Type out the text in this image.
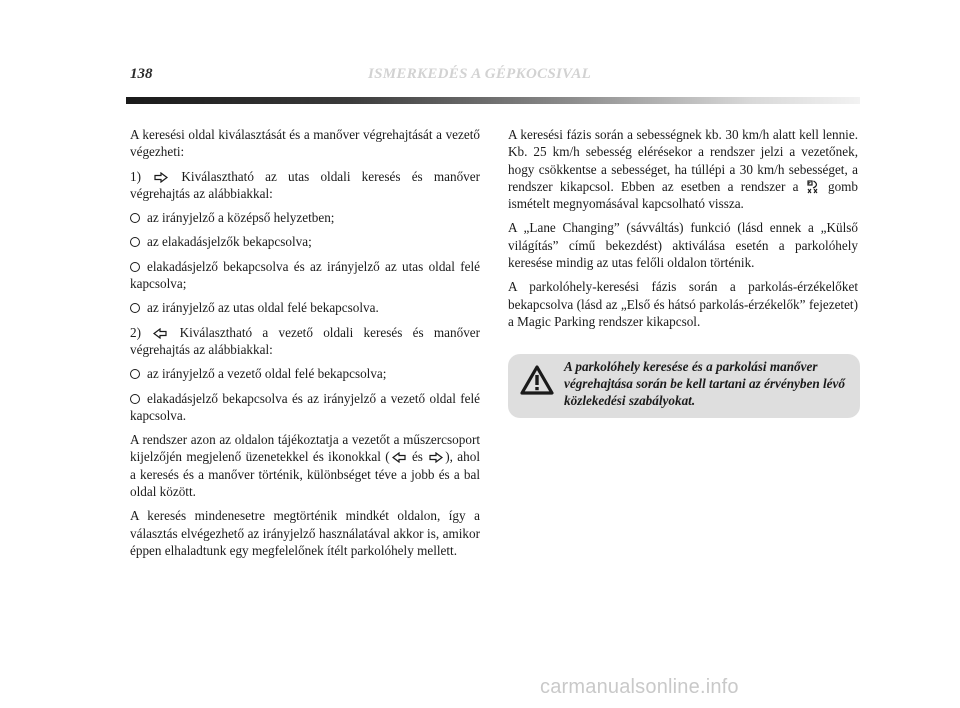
138	ISMERKEDÉS A GÉPKOCSIVAL

A keresési oldal kiválasztását és a manőver végrehajtását a vezető végezheti:

1)	Kiválasztható az utas oldali keresés és manőver végrehajtás az alábbiakkal:

az irányjelző a középső helyzetben;

az elakadásjelzők bekapcsolva;

elakadásjelző bekapcsolva és az irányjelző az utas oldal felé kapcsolva;

az irányjelző az utas oldal felé bekapcsolva.

2)	Kiválasztható a vezető oldali keresés és manőver végrehajtás az alábbiakkal:

az irányjelző a vezető oldal felé bekapcsolva;

elakadásjelző bekapcsolva és az irányjelző a vezető oldal felé kapcsolva.

A rendszer azon az oldalon tájékoztatja a vezetőt a műszercsoport kijelzőjén megjelenő üzenetekkel és ikonokkal ( és ), ahol a keresés és a manőver történik, különbséget téve a jobb és a bal oldal között.

A keresés mindenesetre megtörténik mindkét oldalon, így a választás elvégezhető az irányjelző használatával akkor is, amikor éppen elhaladtunk egy megfelelőnek ítélt parkolóhely mellett.

A keresési fázis során a sebességnek kb. 30 km/h alatt kell lennie. Kb. 25 km/h sebesség elérésekor a rendszer jelzi a vezetőnek, hogy csökkentse a sebességet, ha túllépi a 30 km/h sebességet, a rendszer kikapcsol. Ebben az esetben a rendszer a gomb ismételt megnyomásával kapcsolható vissza.

A „Lane Changing” (sávváltás) funkció (lásd ennek a „Külső világítás” című bekezdést) aktiválása esetén a parkolóhely keresése mindig az utas felőli oldalon történik.

A parkolóhely-keresési fázis során a parkolás-érzékelőket bekapcsolva (lásd az „Első és hátsó parkolás-érzékelők” fejezetet) a Magic Parking rendszer kikapcsol.

A parkolóhely keresése és a parkolási manőver végrehajtása során be kell tartani az érvényben lévő közlekedési szabályokat.
carmanualsonline.info
